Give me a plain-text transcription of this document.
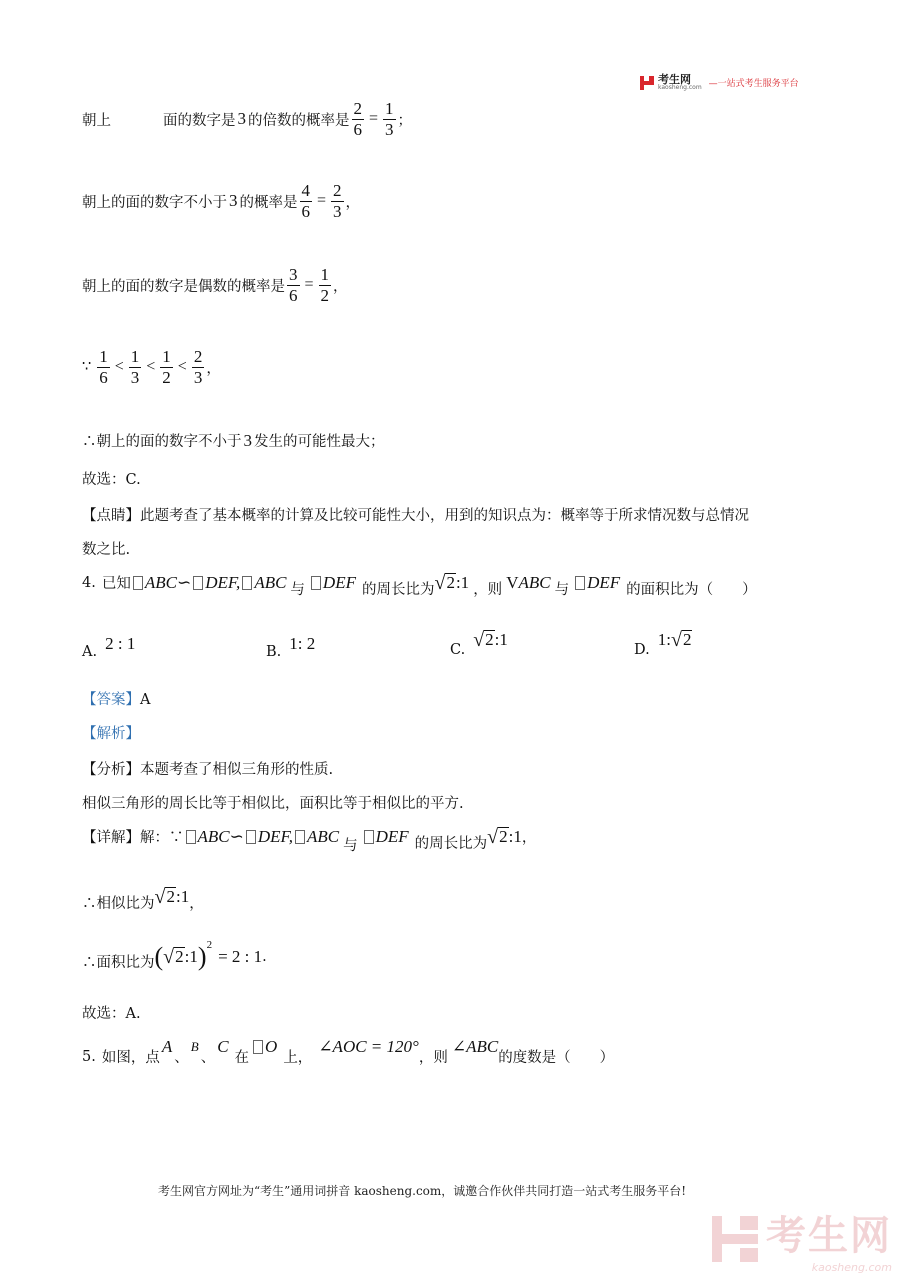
考生网
kaosheng.com —一站式考生服务平台
朝上	面的数字是 3 的倍数的概率是 $\frac{2}{6} = \frac{1}{3}$ ；
朝上的面的数字不小于 3 的概率是 $\frac{4}{6} = \frac{2}{3}$ ，
朝上的面的数字是偶数的概率是 $\frac{3}{6} = \frac{1}{2}$ ，
∵ $\frac{1}{6} < \frac{1}{3} < \frac{1}{2} < \frac{2}{3}$ ，
∴朝上的面的数字不小于 3 发生的可能性最大；
故选：C.
【点睛】此题考查了基本概率的计算及比较可能性大小，用到的知识点为：概率等于所求情况数与总情况
数之比.
4. 已知 ABC ∽ DEF, ABC 与 DEF 的周长比为 √ 2 :1 ，则 V ABC 与 DEF 的面积比为（　　）
A. 2 : 1	B. 1: 2	C. √ 2 :1
D.
1: √ 2
【答案】A
【解析】
【分析】本题考查了相似三角形的性质.
相似三角形的周长比等于相似比，面积比等于相似比的平方.
【详解】 解：∵ ABC ∽ DEF, ABC
与
DEF 的周长比为 √ 2 :1 ，
∴相似比为 √ 2 :1 ，
∴面积比为 ( √ 2 :1 )$^2$
= 2 : 1 .
故选：A.
5. 如图，点
A
、
B
、
C
在
O
上，
∠AOC = 120°
，则
∠ABC
的度数是（　　）
考生网官方网址为“考生”通用词拼音 kaosheng.com，诚邀合作伙伴共同打造一站式考生服务平台!
考生网
kaosheng.com
